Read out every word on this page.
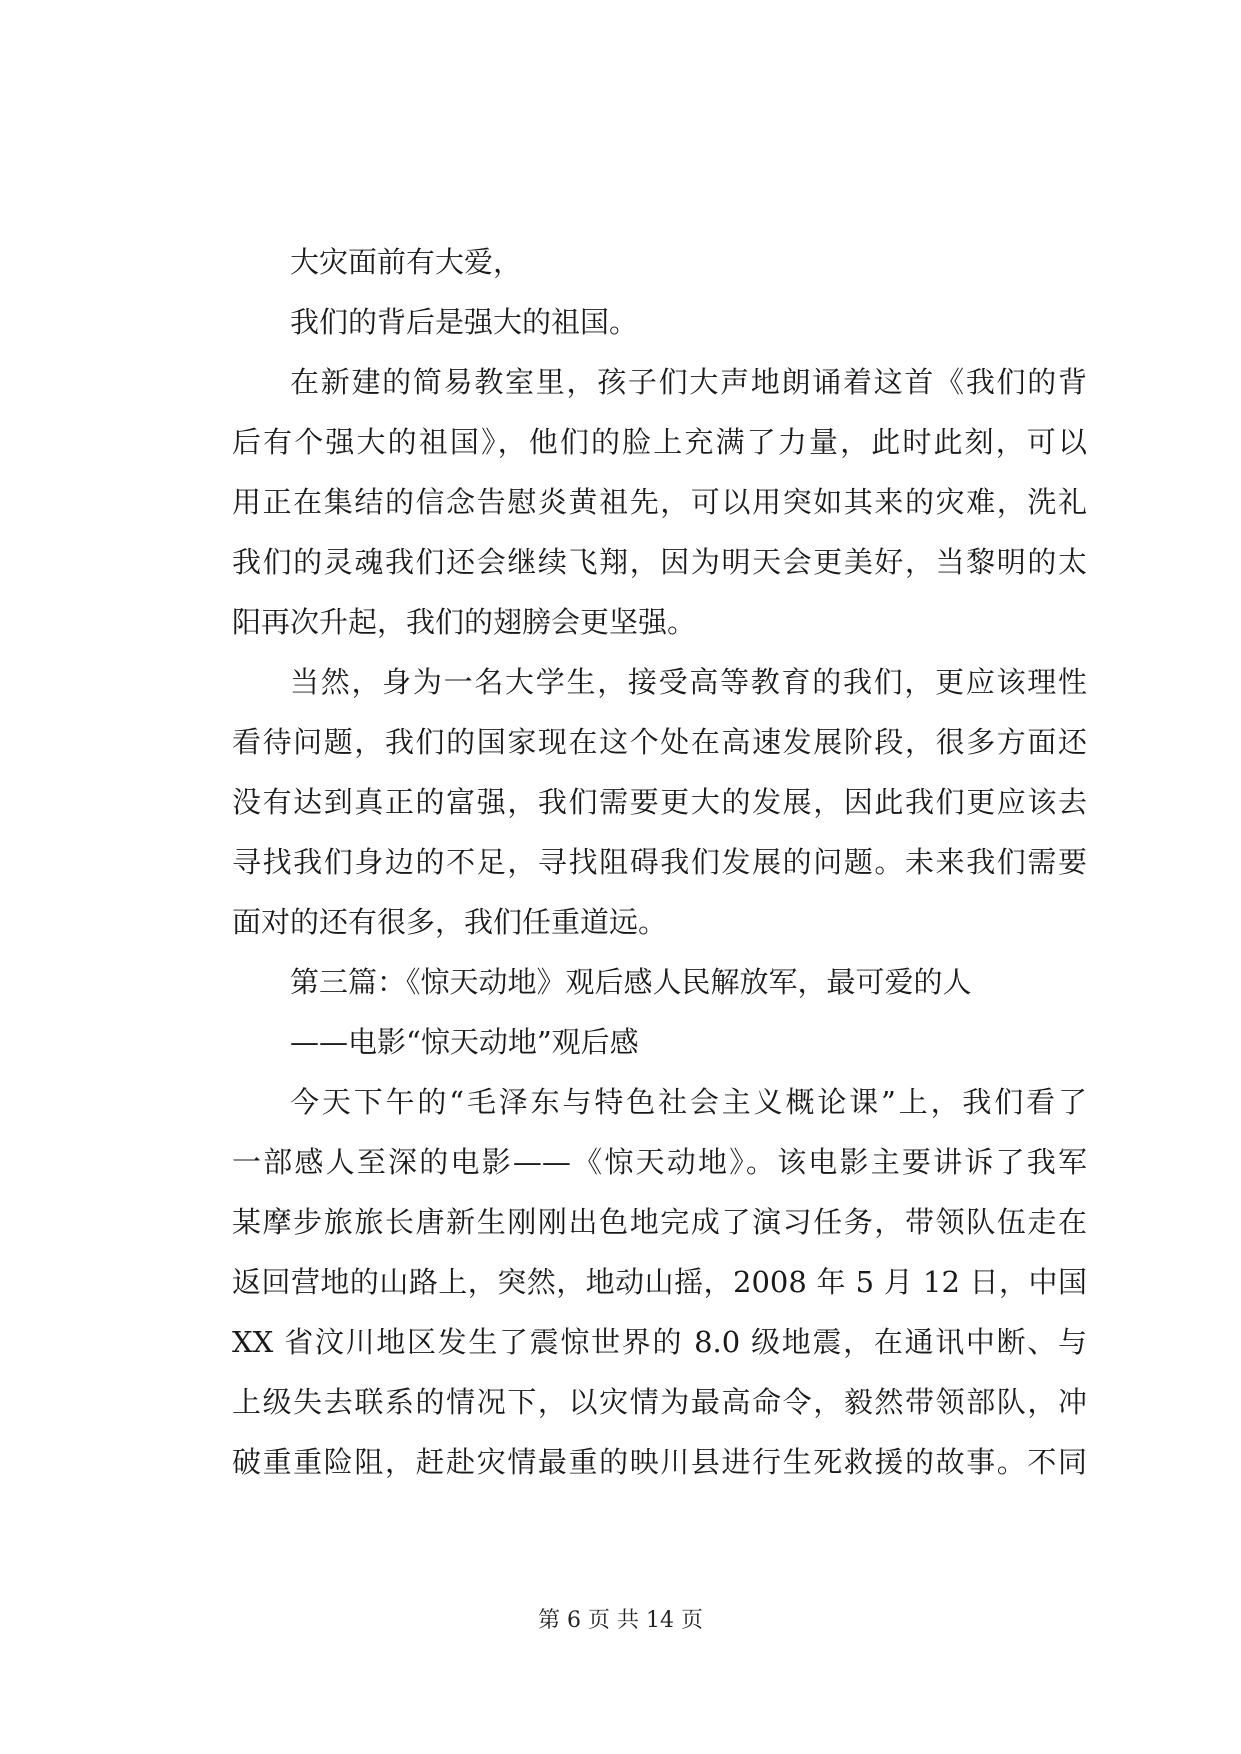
大灾面前有大爱，
我们的背后是强大的祖国。
在新建的简易教室里，孩子们大声地朗诵着这首《我们的背
后有个强大的祖国》，他们的脸上充满了力量，此时此刻，可以
用正在集结的信念告慰炎黄祖先，可以用突如其来的灾难，洗礼
我们的灵魂我们还会继续飞翔，因为明天会更美好，当黎明的太
阳再次升起，我们的翅膀会更坚强。
当然，身为一名大学生，接受高等教育的我们，更应该理性
看待问题，我们的国家现在这个处在高速发展阶段，很多方面还
没有达到真正的富强，我们需要更大的发展，因此我们更应该去
寻找我们身边的不足，寻找阻碍我们发展的问题。未来我们需要
面对的还有很多，我们任重道远。
第三篇：《惊天动地》观后感人民解放军，最可爱的人
——电影“惊天动地”观后感
今天下午的“毛泽东与特色社会主义概论课”上，我们看了
一部感人至深的电影——《惊天动地》。该电影主要讲诉了我军
某摩步旅旅长唐新生刚刚出色地完成了演习任务，带领队伍走在
返回营地的山路上，突然，地动山摇，2008 年 5 月 12 日，中国
XX 省汶川地区发生了震惊世界的 8.0 级地震，在通讯中断、与
上级失去联系的情况下，以灾情为最高命令，毅然带领部队，冲
破重重险阻，赶赴灾情最重的映川县进行生死救援的故事。不同
第 6 页 共 14 页
